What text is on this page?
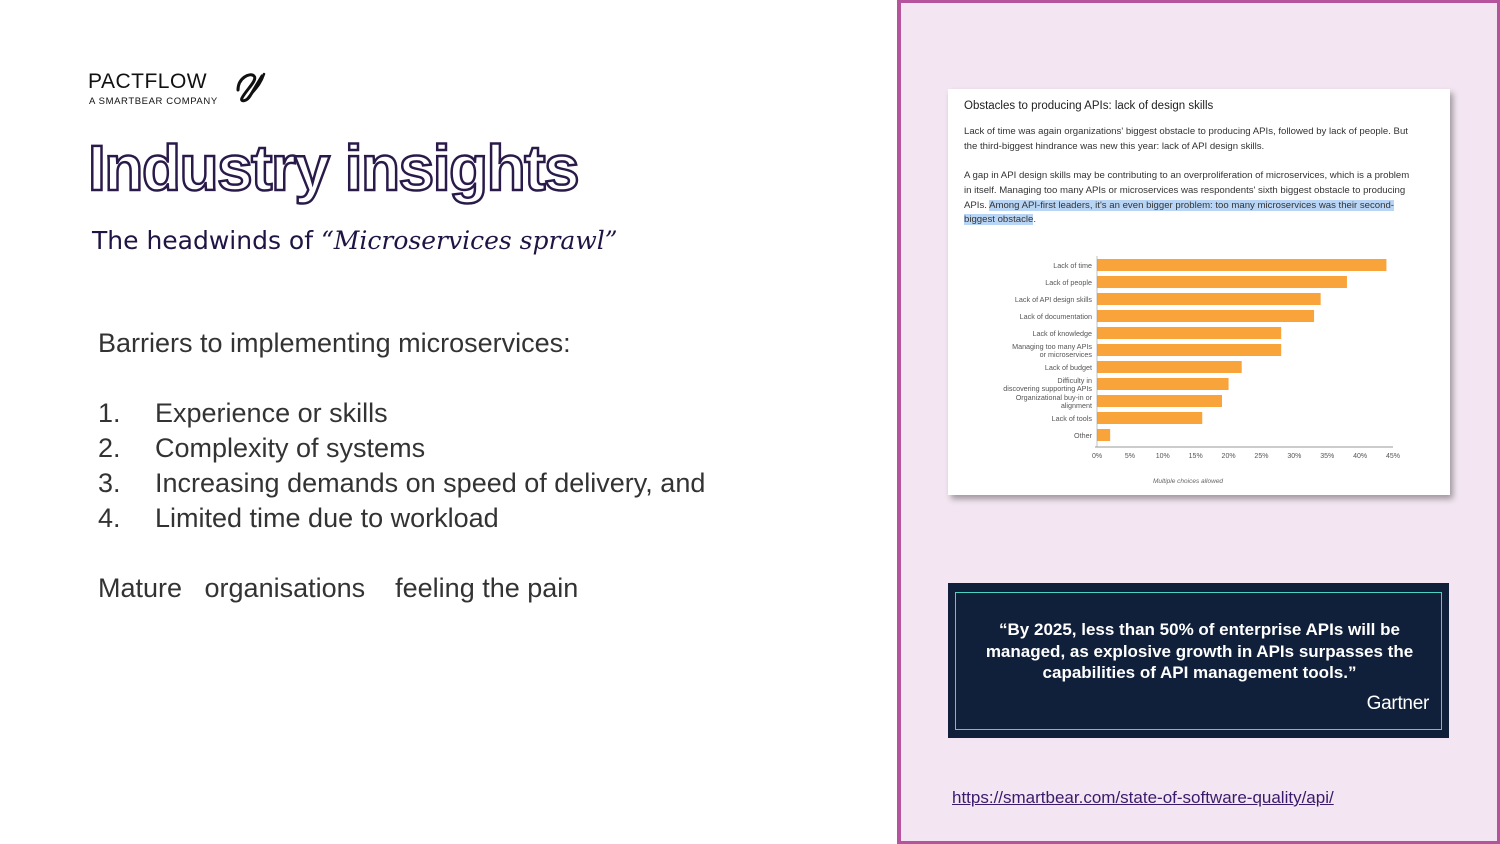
PACTFLOW
A SMARTBEAR COMPANY
Industry insights
The headwinds of “Microservices sprawl”
Barriers to implementing microservices:
1.	Experience or skills
2.	Complexity of systems
3.	Increasing demands on speed of delivery, and
4.	Limited time due to workload
Mature   organisations    feeling the pain
Obstacles to producing APIs: lack of design skills
Lack of time was again organizations' biggest obstacle to producing APIs, followed by lack of people. But the third-biggest hindrance was new this year: lack of API design skills.
A gap in API design skills may be contributing to an overproliferation of microservices, which is a problem in itself. Managing too many APIs or microservices was respondents' sixth biggest obstacle to producing APIs. Among API-first leaders, it's an even bigger problem: too many microservices was their second-biggest obstacle.
Lack of time
Lack of people
Lack of API design skills
Lack of documentation
Lack of knowledge
Managing too many APIs
or microservices
Lack of budget
Difficulty in
discovering supporting APIs
Organizational buy-in or
alignment
Lack of tools
Other
0%	5%	10%	15%	20%	25%	30%	35%	40%	45%
Multiple choices allowed
“By 2025, less than 50% of enterprise APIs will be managed, as explosive growth in APIs surpasses the capabilities of API management tools.”
Gartner
https://smartbear.com/state-of-software-quality/api/
